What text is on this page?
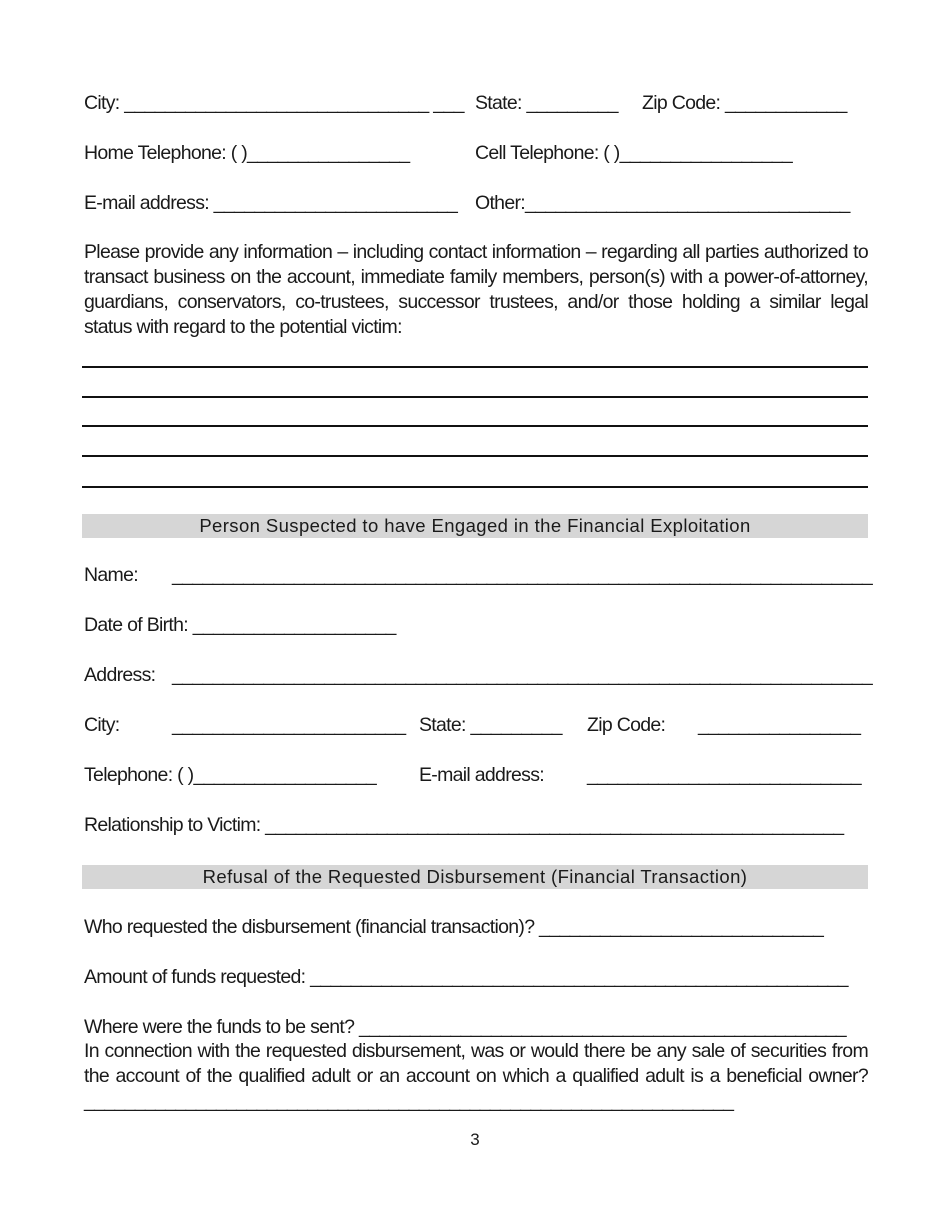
City: ______________________________ ___ State: _________ Zip Code: ____________
Home Telephone: ( )________________	Cell Telephone: ( )_________________
E-mail address: ________________________ Other:________________________________
Please provide any information – including contact information – regarding all parties authorized to transact business on the account, immediate family members, person(s) with a power-of-attorney, guardians, conservators, co-trustees, successor trustees, and/or those holding a similar legal status with regard to the potential victim:
Person Suspected to have Engaged in the Financial Exploitation
Name: _____________________________________________________________________
Date of Birth: ____________________
Address: _____________________________________________________________________
City:	_______________________ State: _________ Zip Code: ________________
Telephone: ( )__________________ E-mail address: ___________________________
Relationship to Victim: _________________________________________________________
Refusal of the Requested Disbursement (Financial Transaction)
Who requested the disbursement (financial transaction)? ____________________________
Amount of funds requested: _____________________________________________________
Where were the funds to be sent? ________________________________________________
In connection with the requested disbursement, was or would there be any sale of securities from the account of the qualified adult or an account on which a qualified adult is a beneficial owner? ________________________________________________________________
3
